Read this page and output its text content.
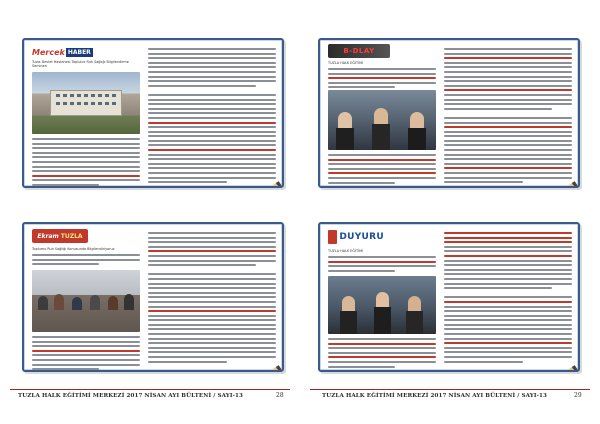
Mercek HABER
Tuzla Devlet Hastanesi Topluluk Ruh Sağlığı Bilgilendirme Semineri
Ekram TUZLA
Toplumu Ruh Sağlığı Konusunda Bilgilendiriyoruz
TUZLA HALK EĞİTİMİ MERKEZİ 2017 NİSAN AYI BÜLTENİ / SAYI-13	28
B-DLAY
TUZLA HALK EĞİTİMİ
DUYURU
TUZLA HALK EĞİTİMİ
TUZLA HALK EĞİTİMİ MERKEZİ 2017 NİSAN AYI BÜLTENİ / SAYI-13	29
